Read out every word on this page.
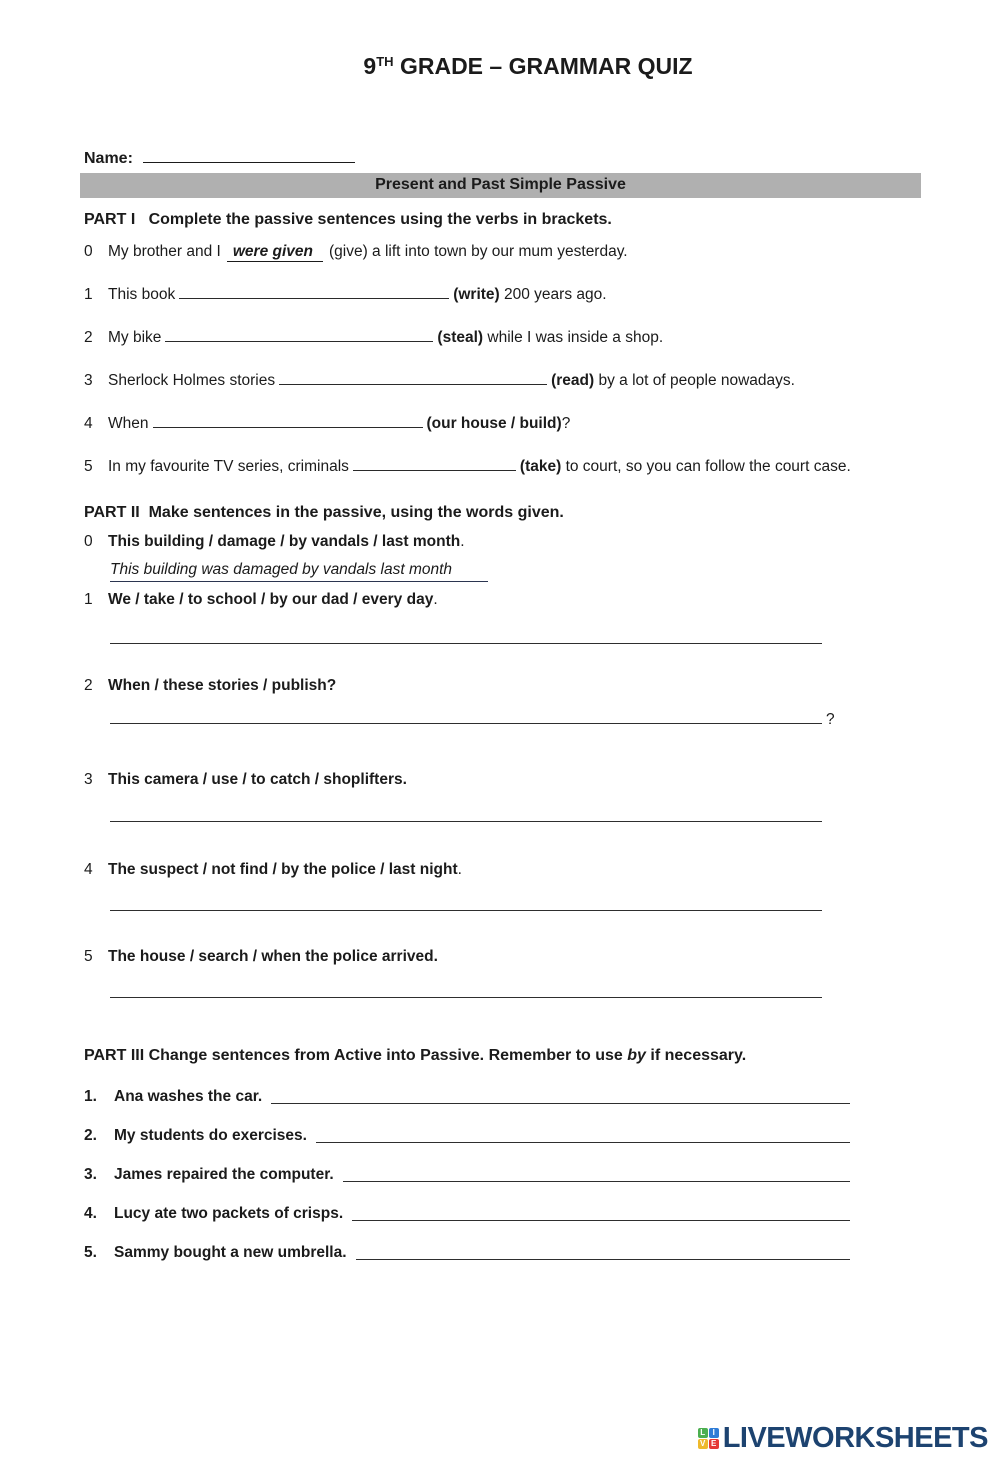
9TH GRADE – GRAMMAR QUIZ
Name:
Present and Past Simple Passive
PART I   Complete the passive sentences using the verbs in brackets.
0 My brother and I were given (give) a lift into town by our mum yesterday.
1 This book	(write) 200 years ago.
2 My bike	(steal) while I was inside a shop.
3 Sherlock Holmes stories	(read) by a lot of people nowadays.
4 When	(our house / build)?
5 In my favourite TV series, criminals	(take) to court, so you can follow the court case.
PART II  Make sentences in the passive, using the words given.
0 This building / damage / by vandals / last month.
This building was damaged by vandals last month
1 We / take / to school / by our dad / every day.
2 When / these stories / publish?
?
3 This camera / use / to catch / shoplifters.
4 The suspect / not find / by the police / last night.
5 The house / search / when the police arrived.
PART III Change sentences from Active into Passive. Remember to use by if necessary.
1.	Ana washes the car.
2.	My students do exercises.
3.	James repaired the computer.
4.	Lucy ate two packets of crisps.
5.	Sammy bought a new umbrella.
L I
V E LIVEWORKSHEETS
